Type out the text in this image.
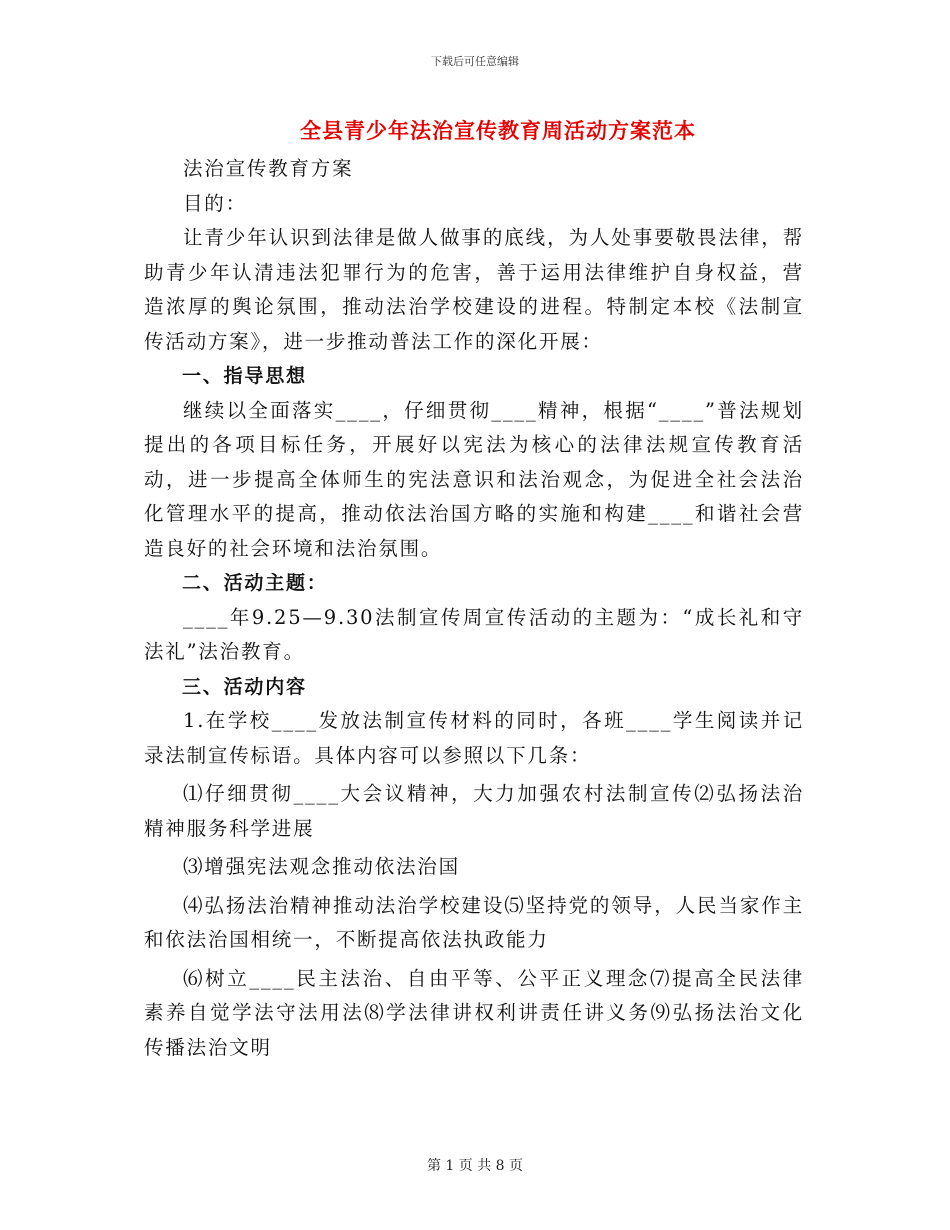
下载后可任意编辑
全县青少年法治宣传教育周活动方案范本

法治宣传教育方案

目的：

让青少年认识到法律是做人做事的底线，为人处事要敬畏法律，帮助青少年认清违法犯罪行为的危害，善于运用法律维护自身权益，营造浓厚的舆论氛围，推动法治学校建设的进程。特制定本校《法制宣传活动方案》，进一步推动普法工作的深化开展：

一、指导思想

继续以全面落实____，仔细贯彻____精神，根据“____”普法规划提出的各项目标任务，开展好以宪法为核心的法律法规宣传教育活动，进一步提高全体师生的宪法意识和法治观念，为促进全社会法治化管理水平的提高，推动依法治国方略的实施和构建____和谐社会营造良好的社会环境和法治氛围。

二、活动主题：

____年9.25—9.30法制宣传周宣传活动的主题为：“成长礼和守法礼”法治教育。

三、活动内容

1.在学校____发放法制宣传材料的同时，各班____学生阅读并记录法制宣传标语。具体内容可以参照以下几条：

⑴仔细贯彻____大会议精神，大力加强农村法制宣传⑵弘扬法治精神服务科学进展

⑶增强宪法观念推动依法治国

⑷弘扬法治精神推动法治学校建设⑸坚持党的领导，人民当家作主和依法治国相统一，不断提高依法执政能力

⑹树立____民主法治、自由平等、公平正义理念⑺提高全民法律素养自觉学法守法用法⑻学法律讲权利讲责任讲义务⑼弘扬法治文化传播法治文明

第 1 页 共 8 页
